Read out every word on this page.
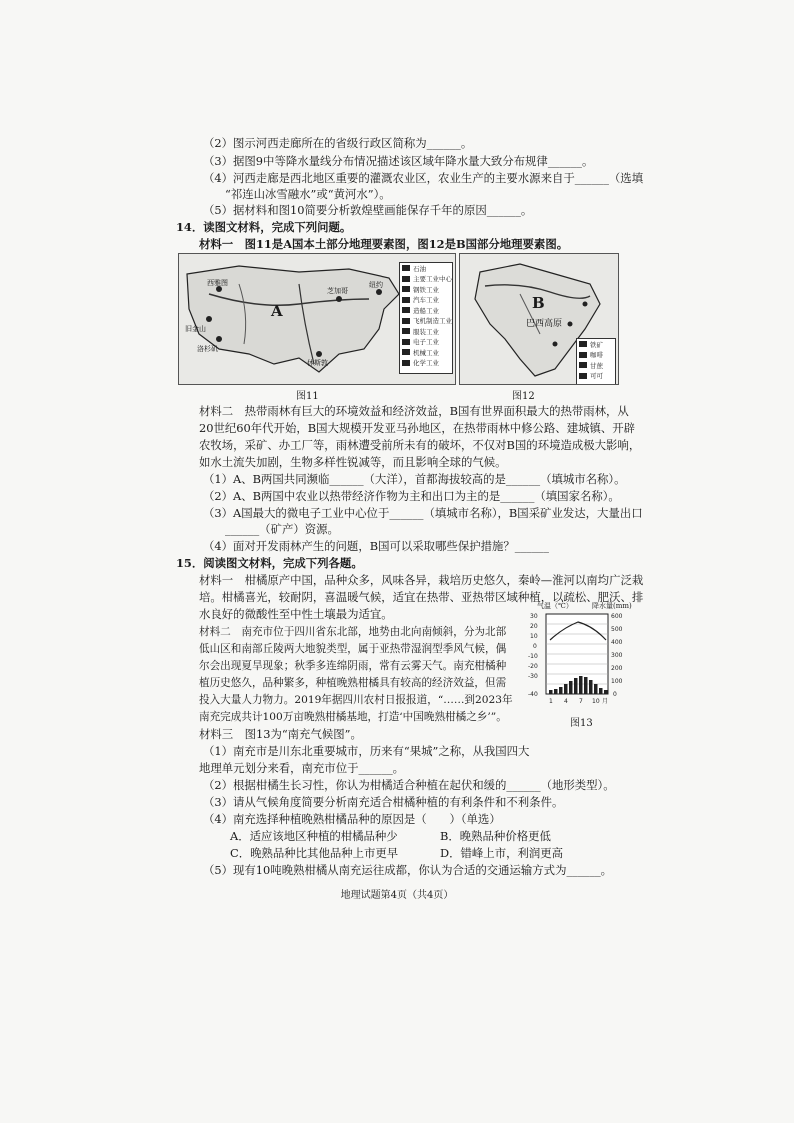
（2）图示河西走廊所在的省级行政区简称为______。
（3）据图9中等降水量线分布情况描述该区域年降水量大致分布规律______。
（4）河西走廊是西北地区重要的灌溉农业区，农业生产的主要水源来自于______（选填
“祁连山冰雪融水”或“黄河水”）。
（5）据材料和图10简要分析敦煌壁画能保存千年的原因______。
14．读图文材料，完成下列问题。
材料一　图11是A国本土部分地理要素图，图12是B国部分地理要素图。
A
西雅图
旧金山
洛杉矶
休斯敦
芝加哥
纽约
石油
主要工业中心
钢铁工业
汽车工业
造船工业
飞机制造工业
服装工业
电子工业
机械工业
化学工业
图11
B
巴西高原
铁矿
咖啡
甘蔗
可可
图12
材料二　热带雨林有巨大的环境效益和经济效益，B国有世界面积最大的热带雨林，从
20世纪60年代开始，B国大规模开发亚马孙地区，在热带雨林中修公路、建城镇、开辟
农牧场，采矿、办工厂等，雨林遭受前所未有的破坏，不仅对B国的环境造成极大影响，
如水土流失加剧，生物多样性锐减等，而且影响全球的气候。
（1）A、B两国共同濒临______（大洋），首都海拔较高的是______（填城市名称）。
（2）A、B两国中农业以热带经济作物为主和出口为主的是______（填国家名称）。
（3）A国最大的微电子工业中心位于______（填城市名称），B国采矿业发达，大量出口
______（矿产）资源。
（4）面对开发雨林产生的问题，B国可以采取哪些保护措施？______
15．阅读图文材料，完成下列各题。
材料一　柑橘原产中国，品种众多，风味各异，栽培历史悠久，秦岭—淮河以南均广泛栽
培。柑橘喜光，较耐阴，喜温暖气候，适宜在热带、亚热带区域种植，以疏松、肥沃、排
水良好的微酸性至中性土壤最为适宜。
材料二　南充市位于四川省东北部，地势由北向南倾斜，分为北部
低山区和南部丘陵两大地貌类型，属于亚热带湿润型季风气候，偶
尔会出现夏旱现象；秋季多连绵阴雨，常有云雾天气。南充柑橘种
植历史悠久，品种繁多，种植晚熟柑橘具有较高的经济效益，但需
投入大量人力物力。2019年据四川农村日报报道，“……到2023年
南充完成共计100万亩晚熟柑橘基地，打造‘中国晚熟柑橘之乡’”。
材料三　图13为“南充气候图”。
气温（℃）	降水量(mm)
30
20
10
0
-10
-20
-30
-40
600
500
400
300
200
100
0
1 4 7 10 月
图13
（1）南充市是川东北重要城市，历来有“果城”之称，从我国四大
地理单元划分来看，南充市位于______。
（2）根据柑橘生长习性，你认为柑橘适合种植在起伏和缓的______（地形类型）。
（3）请从气候角度简要分析南充适合柑橘种植的有利条件和不利条件。
（4）南充选择种植晚熟柑橘品种的原因是（　　）（单选）
A．适应该地区种植的柑橘品种少	B．晚熟品种价格更低
C．晚熟品种比其他品种上市更早	D．错峰上市，利润更高
（5）现有10吨晚熟柑橘从南充运往成都，你认为合适的交通运输方式为______。
地理试题第4页（共4页）
